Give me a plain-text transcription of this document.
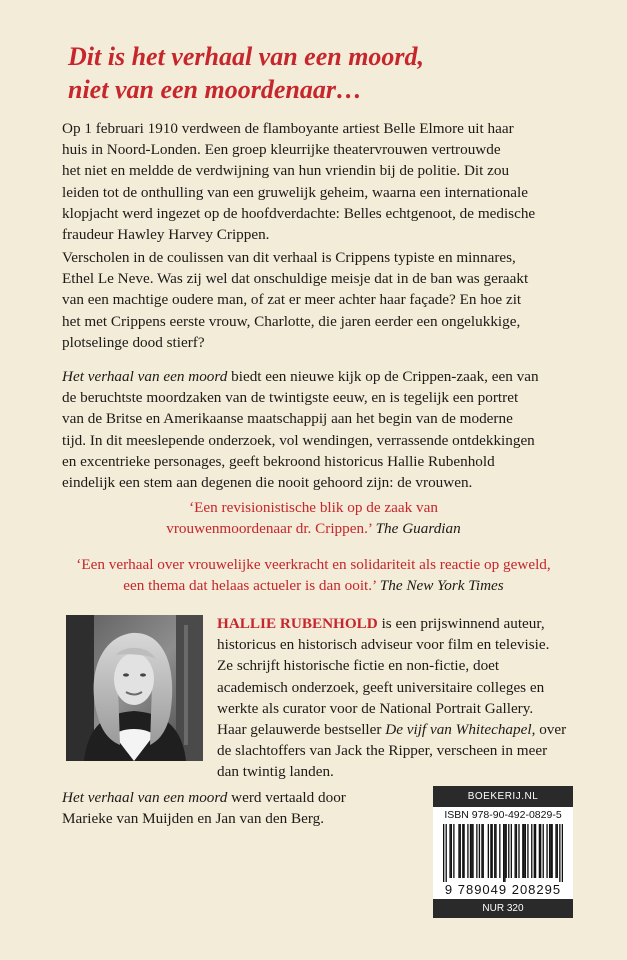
Dit is het verhaal van een moord,
niet van een moordenaar…
Op 1 februari 1910 verdween de flamboyante artiest Belle Elmore uit haar
huis in Noord-Londen. Een groep kleurrijke theatervrouwen vertrouwde
het niet en meldde de verdwijning van hun vriendin bij de politie. Dit zou
leiden tot de onthulling van een gruwelijk geheim, waarna een internationale
klopjacht werd ingezet op de hoofdverdachte: Belles echtgenoot, de medische
fraudeur Hawley Harvey Crippen.
Verscholen in de coulissen van dit verhaal is Crippens typiste en minnares,
Ethel Le Neve. Was zij wel dat onschuldige meisje dat in de ban was geraakt
van een machtige oudere man, of zat er meer achter haar façade? En hoe zit
het met Crippens eerste vrouw, Charlotte, die jaren eerder een ongelukkige,
plotselinge dood stierf?
Het verhaal van een moord biedt een nieuwe kijk op de Crippen-zaak, een van
de beruchtste moordzaken van de twintigste eeuw, en is tegelijk een portret
van de Britse en Amerikaanse maatschappij aan het begin van de moderne
tijd. In dit meeslepende onderzoek, vol wendingen, verrassende ontdekkingen
en excentrieke personages, geeft bekroond historicus Hallie Rubenhold
eindelijk een stem aan degenen die nooit gehoord zijn: de vrouwen.
‘Een revisionistische blik op de zaak van
vrouwenmoordenaar dr. Crippen.’ The Guardian
‘Een verhaal over vrouwelijke veerkracht en solidariteit als reactie op geweld,
een thema dat helaas actueler is dan ooit.’ The New York Times
HALLIE RUBENHOLD is een prijswinnend auteur,
historicus en historisch adviseur voor film en televisie.
Ze schrijft historische fictie en non-fictie, doet
academisch onderzoek, geeft universitaire colleges en
werkte als curator voor de National Portrait Gallery.
Haar gelauwerde bestseller De vijf van Whitechapel, over
de slachtoffers van Jack the Ripper, verscheen in meer
dan twintig landen.
Het verhaal van een moord werd vertaald door
Marieke van Muijden en Jan van den Berg.
BOEKERIJ.NL
ISBN 978-90-492-0829-5
9 789049 208295
NUR 320
